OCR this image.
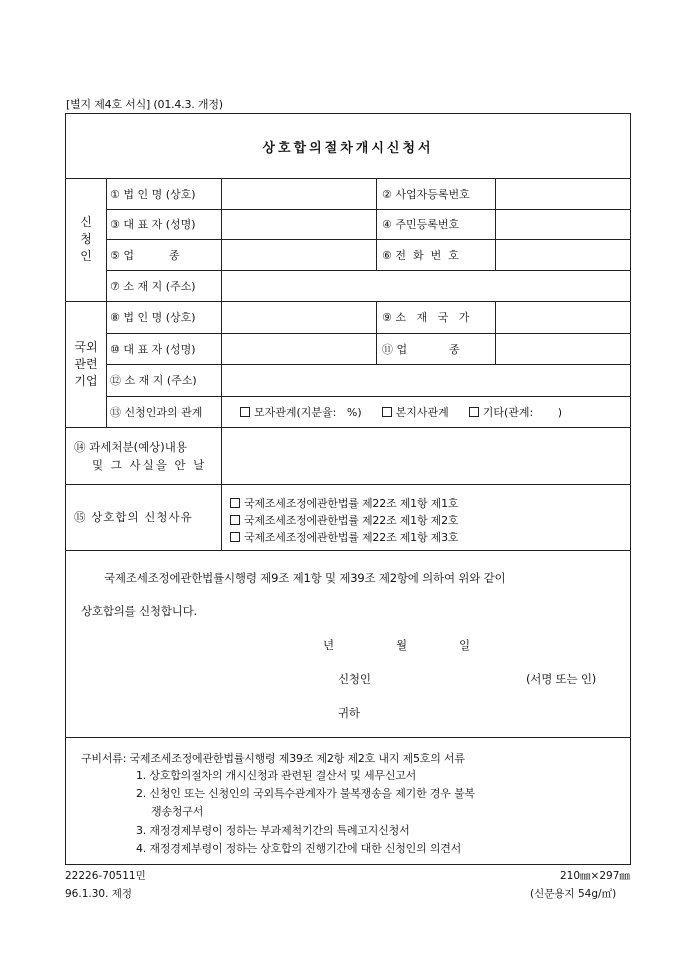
[별지 제4호 서식] (01.4.3. 개정)
상호합의절차개시신청서
신
청
인
① 법 인 명 (상호)	② 사업자등록번호
③ 대 표 자 (성명)	④ 주민등록번호
⑤ 업          종	⑥ 전  화  번  호
⑦ 소 재 지 (주소)
국외
관련
기업
⑧ 법 인 명 (상호)	⑨ 소   재   국   가
⑩ 대 표 자 (성명)	⑪ 업            종
⑫ 소 재 지 (주소)
⑬ 신청인과의 관계	모자관계(지분율:   %)	본지사관계	기타(관계:       )
⑭ 과세처분(예상)내용
및 그 사실을 안 날
⑮ 상호합의 신청사유
국제조세조정에관한법률 제22조 제1항 제1호
국제조세조정에관한법률 제22조 제1항 제2호
국제조세조정에관한법률 제22조 제1항 제3호
국제조세조정에관한법률시행령 제9조 제1항 및 제39조 제2항에 의하여 위와 같이
상호합의를 신청합니다.
년	월	일
신청인	(서명 또는 인)
귀하
구비서류: 국제조세조정에관한법률시행령 제39조 제2항 제2호 내지 제5호의 서류
1. 상호합의절차의 개시신청과 관련된 결산서 및 세무신고서
2. 신청인 또는 신청인의 국외특수관계자가 불복쟁송을 제기한 경우 불복
쟁송청구서
3. 재정경제부령이 정하는 부과제척기간의 특례고지신청서
4. 재정경제부령이 정하는 상호합의 진행기간에 대한 신청인의 의견서
22226-70511민	210㎜×297㎜
96.1.30. 제정	(신문용지 54g/㎡)
